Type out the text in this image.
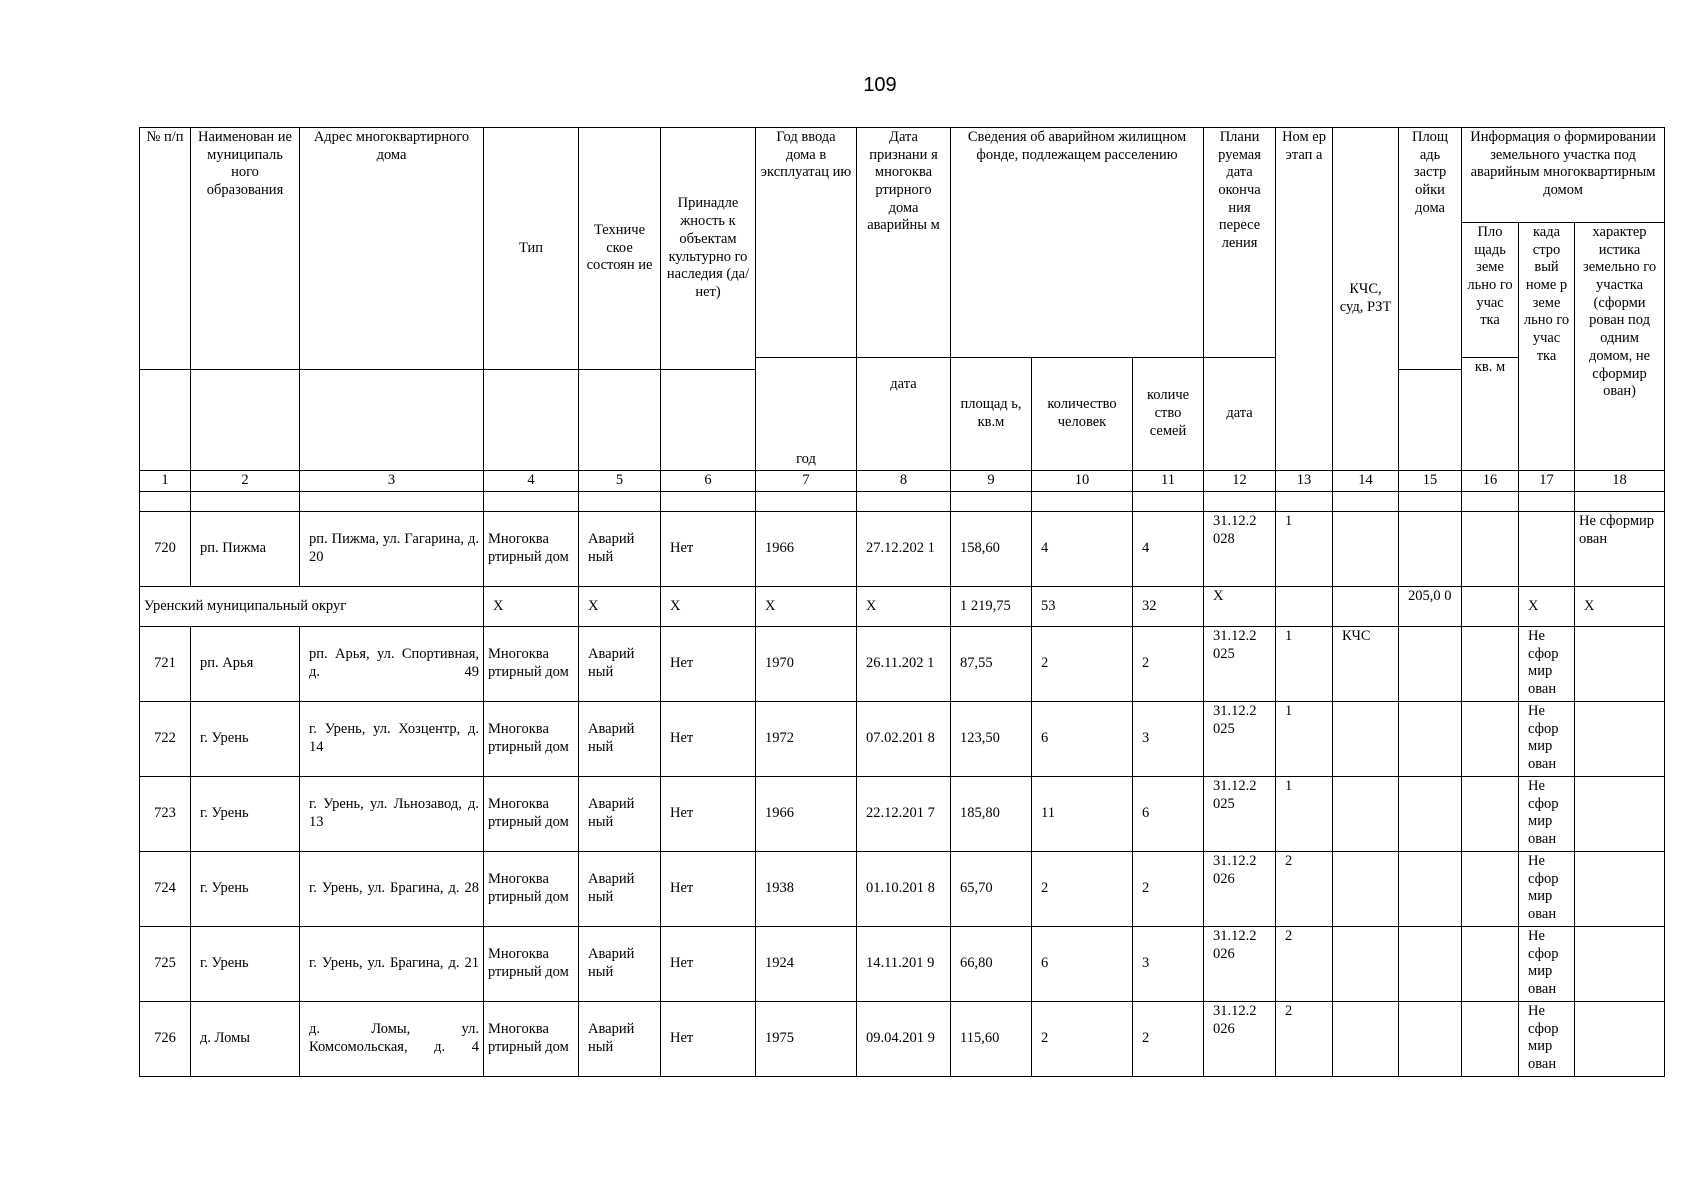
109
№ п/п	Наименован ие муниципаль ного образования	Адрес многоквартирного дома	Тип	Техниче ское состоян ие	Принадле жность к объектам культурно го наследия (да/нет)	Год ввода дома в эксплуатац ию	Дата признани я многоква ртирного дома аварийны м	Сведения об аварийном жилищном фонде, подлежащем расселению			Плани руемая дата оконча ния пересе ления	Ном ер этап а	КЧС, суд, РЗТ	Площ адь застр ойки дома	Информация о формировании земельного участка под аварийным многоквартирным домом			
															Пло щадь земе льно го учас тка	када стро вый номе р земе льно го учас тка	характер истика земельно го участка (сформи рован под одним домом, не сформир ован)	
						год	дата	площад ь, кв.м	количество человек	количе ство семей	дата				кв. м	

1	2	3	4	5	6	7	8	9	10	11	12	13	14	15	16	17	18	

720	рп. Пижма	рп. Пижма, ул. Гагарина, д. 20	Многоква ртирный дом	Аварий ный	Нет	1966	27.12.202 1	158,60	4	4	31.12.2 028	1					Не сформир ован	
Уренский муниципальный округ			Х	Х	Х	Х	Х	1 219,75	53	32	Х			205,0 0		Х	Х	
721	рп. Арья	рп. Арья, ул. Спортивная, д. 49	Многоква ртирный дом	Аварий ный	Нет	1970	26.11.202 1	87,55	2	2	31.12.2 025	1	КЧС			Не сфор мир ован		
722	г. Урень	г. Урень, ул. Хозцентр, д. 14	Многоква ртирный дом	Аварий ный	Нет	1972	07.02.201 8	123,50	6	3	31.12.2 025	1				Не сфор мир ован		
723	г. Урень	г. Урень, ул. Льнозавод, д. 13	Многоква ртирный дом	Аварий ный	Нет	1966	22.12.201 7	185,80	11	6	31.12.2 025	1				Не сфор мир ован		
724	г. Урень	г. Урень, ул. Брагина, д. 28	Многоква ртирный дом	Аварий ный	Нет	1938	01.10.201 8	65,70	2	2	31.12.2 026	2				Не сфор мир ован		
725	г. Урень	г. Урень, ул. Брагина, д. 21	Многоква ртирный дом	Аварий ный	Нет	1924	14.11.201 9	66,80	6	3	31.12.2 026	2				Не сфор мир ован		
726	д. Ломы	д. Ломы, ул. Комсомольская, д. 4	Многоква ртирный дом	Аварий ный	Нет	1975	09.04.201 9	115,60	2	2	31.12.2 026	2				Не сфор мир ован		
